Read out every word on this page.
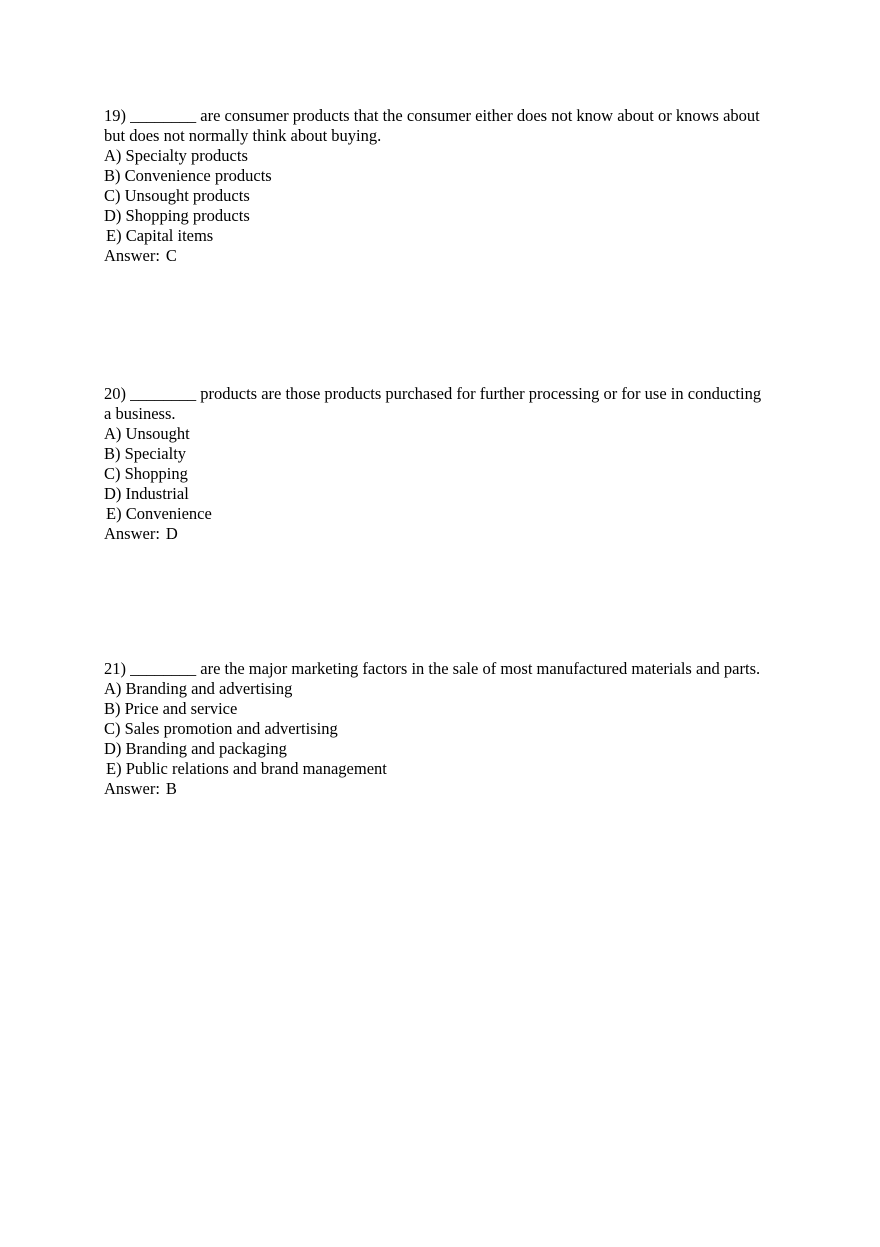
19) ________ are consumer products that the consumer either does not know about or knows about but does not normally think about buying.

A) Specialty products

B) Convenience products

C) Unsought products

D) Shopping products

E) Capital items

Answer: C

20) ________ products are those products purchased for further processing or for use in conducting a business.

A) Unsought

B) Specialty

C) Shopping

D) Industrial

E) Convenience

Answer: D

21) ________ are the major marketing factors in the sale of most manufactured materials and parts.

A) Branding and advertising

B) Price and service

C) Sales promotion and advertising

D) Branding and packaging

E) Public relations and brand management

Answer: B
